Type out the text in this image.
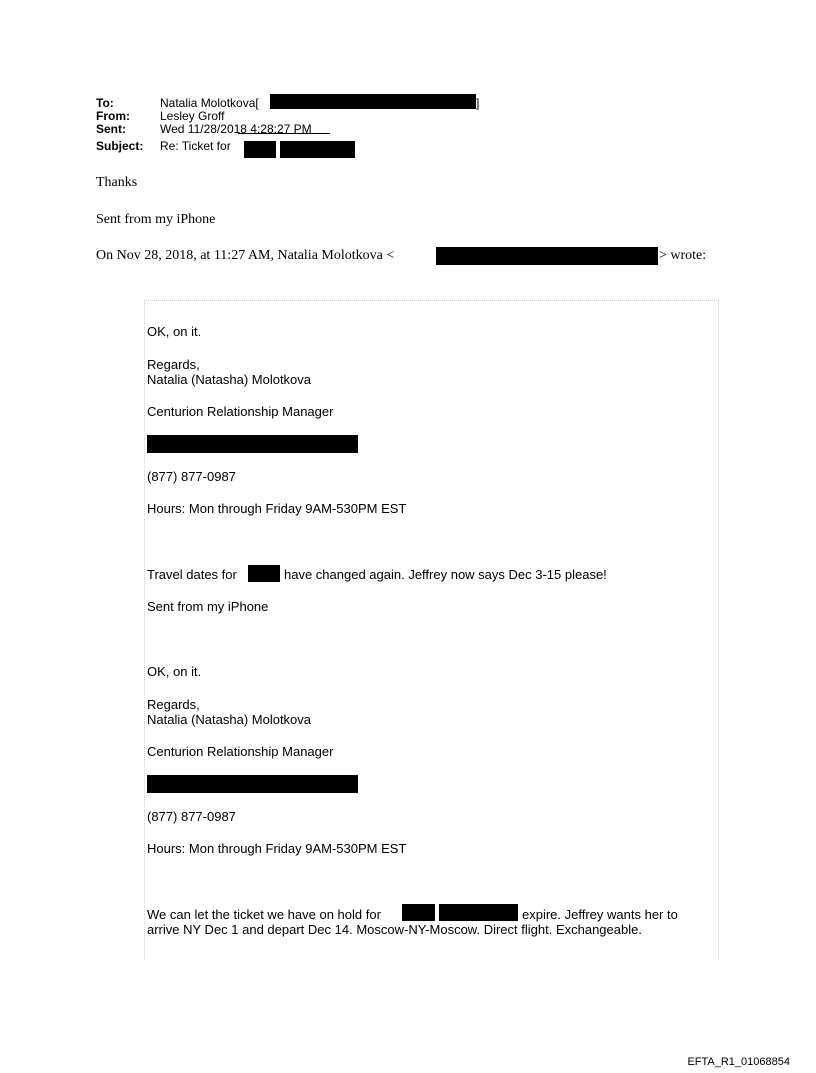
To:	Natalia Molotkova[	]
From:	Lesley Groff
Sent:	Wed 11/28/2018 4:28:27 PM
Subject: Re: Ticket for
Thanks
Sent from my iPhone
On Nov 28, 2018, at 11:27 AM, Natalia Molotkova <	> wrote:
OK, on it.
Regards,
Natalia (Natasha) Molotkova
Centurion Relationship Manager
(877) 877-0987
Hours: Mon through Friday 9AM-530PM EST
Travel dates for	have changed again. Jeffrey now says Dec 3-15 please!
Sent from my iPhone
OK, on it.
Regards,
Natalia (Natasha) Molotkova
Centurion Relationship Manager
(877) 877-0987
Hours: Mon through Friday 9AM-530PM EST
We can let the ticket we have on hold for	expire. Jeffrey wants her to
arrive NY Dec 1 and depart Dec 14. Moscow-NY-Moscow. Direct flight. Exchangeable.
EFTA_R1_01068854
